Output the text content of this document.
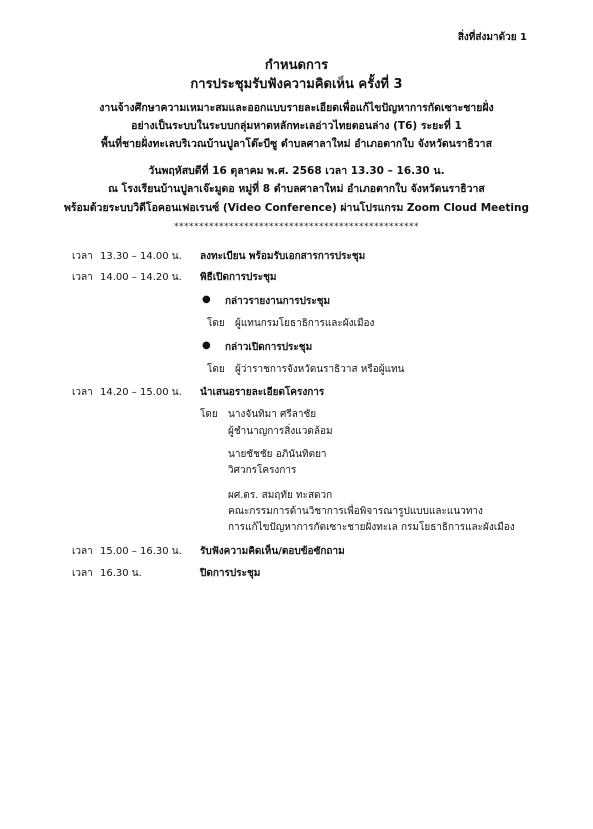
สิ่งที่ส่งมาด้วย 1
กำหนดการ
การประชุมรับฟังความคิดเห็น ครั้งที่ 3
งานจ้างศึกษาความเหมาะสมและออกแบบรายละเอียดเพื่อแก้ไขปัญหาการกัดเซาะชายฝั่ง
อย่างเป็นระบบในระบบกลุ่มหาดหลักทะเลอ่าวไทยตอนล่าง (T6) ระยะที่ 1
พื้นที่ชายฝั่งทะเลบริเวณบ้านปูลาโต๊ะบีซู ตำบลศาลาใหม่ อำเภอตากใบ จังหวัดนราธิวาส
วันพฤหัสบดีที่ 16 ตุลาคม พ.ศ. 2568 เวลา 13.30 – 16.30 น.
ณ โรงเรียนบ้านปูลาเจ๊ะมูดอ หมู่ที่ 8 ตำบลศาลาใหม่ อำเภอตากใบ จังหวัดนราธิวาส
พร้อมด้วยระบบวิดีโอคอนเฟอเรนซ์ (Video Conference) ผ่านโปรแกรม Zoom Cloud Meeting
*************************************************
เวลา 13.30 – 14.00 น. ลงทะเบียน พร้อมรับเอกสารการประชุม
เวลา 14.00 – 14.20 น. พิธีเปิดการประชุม
● กล่าวรายงานการประชุม
โดย ผู้แทนกรมโยธาธิการและผังเมือง
● กล่าวเปิดการประชุม
โดย ผู้ว่าราชการจังหวัดนราธิวาส หรือผู้แทน
เวลา 14.20 – 15.00 น. นำเสนอรายละเอียดโครงการ
โดย นางจันทิมา ศรีลาชัย
ผู้ชำนาญการสิ่งแวดล้อม
นายชัชชัย อภินันทิตยา
วิศวกรโครงการ
ผศ.ดร. สมฤทัย ทะสดวก
คณะกรรมการด้านวิชาการเพื่อพิจารณารูปแบบและแนวทาง
การแก้ไขปัญหาการกัดเซาะชายฝั่งทะเล กรมโยธาธิการและผังเมือง
เวลา 15.00 – 16.30 น. รับฟังความคิดเห็น/ตอบข้อซักถาม
เวลา 16.30 น.	ปิดการประชุม
